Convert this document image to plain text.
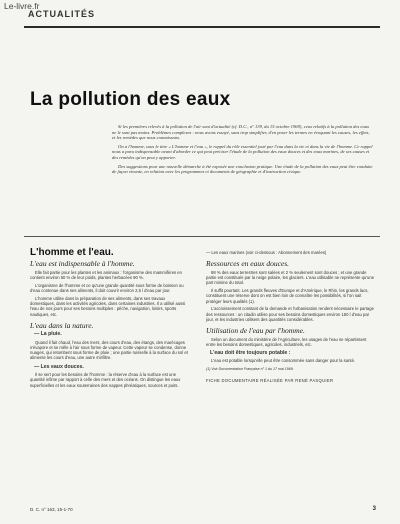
Le-livre.fr
ACTUALITÉS
La pollution des eaux

Si les premières relevés à la pollution de l'air sont d'actualité (cf. D.C., n° 139, du 15 octobre 1969), ceux relatifs à la pollution des eaux ne le sont pas moins. Problèmes complexes : nous avons essayé, sans trop simplifier, d'en poser les termes en évoquant les causes, les effets, et les remèdes que nous connaissons.

On a l'homme, sous le titre « L'homme et l'eau », le rappel du rôle essentiel joué par l'eau dans la vie et dans la vie de l'homme. Ce rappel nous a paru indispensable avant d'aborder ce qui peut préciser l'étude de la pollution des eaux douces et des eaux marines, de ses causes et des remèdes qu'on peut y apporter.

Des suggestions pour une nouvelle démarche à été exposée une conclusion pratique. Une étude de la pollution des eaux peut être conduite de façon vivante, en relation avec les programmes et documents de géographie et d'instruction civique.

L'homme et l'eau.
L'eau est indispensable à l'homme.

Elle fait partie pour les plantes et les animaux : l'organisme des mammifères en contient environ 60 % de leur poids, plantes herbacées 90 %.

L'organisme de l'homme et ce qu'une grande quantité sous forme de boisson ou d'eau contenue dans ses aliments, il doit couvrir environ 2,5 l d'eau par jour.

L'homme utilise dans la préparation de ses aliments, dans ses travaux domestiques, dans les activités agricoles, dans certaines industries. Il a utilisé aussi l'eau de nos jours pour ses besoins multiples : pêche, navigation, loisirs, sports nautiques, etc.

L'eau dans la nature.
— La pluie.

Quand il fait chaud, l'eau des mers, des cours d'eau, des étangs, des marécages s'évapore et se mêle à l'air sous forme de vapeur. Cette vapeur se condense, donne nuages, qui retombent sous forme de pluie ; une partie ruisselle à la surface du sol et alimente les cours d'eau, une autre s'infiltre.

— Les eaux douces.

Il se sert pour les besoins de l'homme : la réserve d'eau à la surface est une quantité infime par rapport à celle des mers et des océans. On distingue les eaux superficielles et les eaux souterraines des nappes phréatiques, sources et puits.

— Les eaux marines (voir ci-dessous : Abonnement des marées)
Ressources en eaux douces.

98 % des eaux terrestres sont salées et 2 % seulement sont douces ; et une grande partie est constituée par la neige polaire, les glaciers. L'eau utilisable ne représente qu'une part minime du total.

Il suffit pourtant. Les grands fleuves d'Europe et d'Amérique, le Rhin, les grands lacs, constituent une réserve dont on est bien loin de connaître les possibilités, si l'on sait protéger leurs qualités (1).

L'accroissement constant de la demande et l'urbanisation rendent nécessaire le partage des ressources : un citadin utilise pour ses besoins domestiques environ 150 l d'eau par jour, et les industries utilisent des quantités considérables.

Utilisation de l'eau par l'homme.

Selon un document du ministère de l'Agriculture, les usages de l'eau se répartissent entre les besoins domestiques, agricoles, industriels, etc.

L'eau doit être toujours potable :

L'eau est potable lorsqu'elle peut être consommée sans danger pour la santé.

(1) Voir Documentation Française n° 1 du 17 mai 1969.
FICHE DOCUMENTAIRE RÉALISÉE PAR RENÉ PASQUIER
D. C. n° 163, 15-1-70	3
